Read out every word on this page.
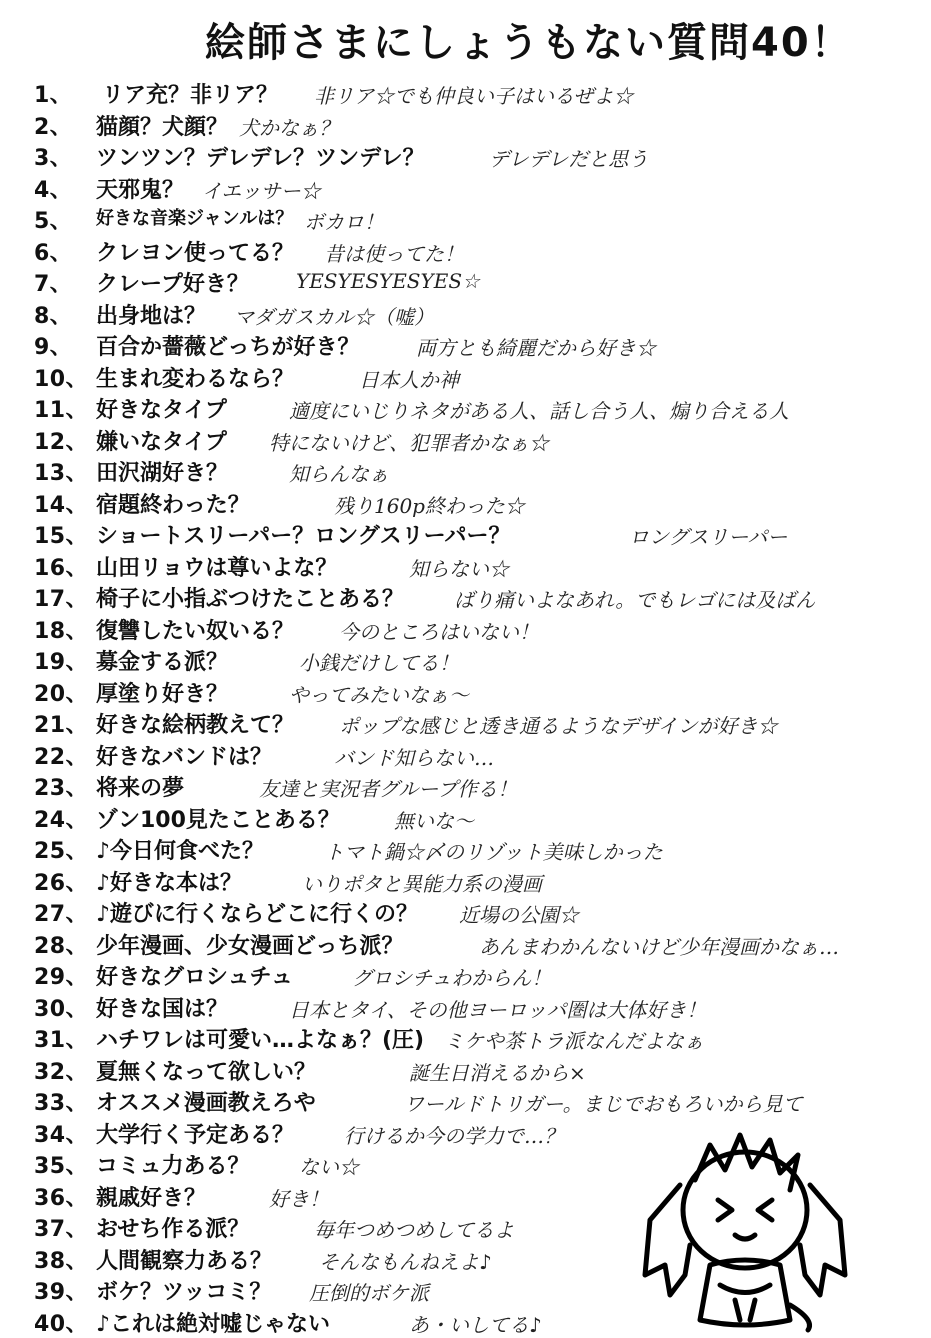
絵師さまにしょうもない質問40！
1、 リア充？非リア？ 非リア☆でも仲良い子はいるぜよ☆
2、 猫顔？犬顔？ 犬かなぁ？
3、 ツンツン？デレデレ？ツンデレ？	デレデレだと思う
4、 天邪鬼？ イエッサー☆
5、 好きな音楽ジャンルは？ ボカロ！
6、 クレヨン使ってる？ 昔は使ってた！
7、 クレープ好き？ YESYESYESYES☆
8、 出身地は？ マダガスカル☆（嘘）
9、 百合か薔薇どっちが好き？	両方とも綺麗だから好き☆
10、 生まれ変わるなら？	日本人か神
11、 好きなタイプ	適度にいじりネタがある人、話し合う人、煽り合える人
12、 嫌いなタイプ 特にないけど、犯罪者かなぁ☆
13、 田沢湖好き？	知らんなぁ
14、 宿題終わった？	残り160p終わった☆
15、 ショートスリーパー？ロングスリーパー？	ロングスリーパー
16、 山田リョウは尊いよな？	知らない☆
17、 椅子に小指ぶつけたことある？ ばり痛いよなあれ。でもレゴには及ばん
18、 復讐したい奴いる？ 今のところはいない！
19、 募金する派？	小銭だけしてる！
20、 厚塗り好き？	やってみたいなぁ〜
21、 好きな絵柄教えて？ ポップな感じと透き通るようなデザインが好き☆
22、 好きなバンドは？	バンド知らない…
23、 将来の夢	友達と実況者グループ作る！
24、 ゾン100見たことある？	無いな〜
25、 ♪今日何食べた？	トマト鍋☆〆のリゾット美味しかった
26、 ♪好きな本は？	いりポタと異能力系の漫画
27、 ♪遊びに行くならどこに行くの？ 近場の公園☆
28、 少年漫画、少女漫画どっち派？	あんまわかんないけど少年漫画かなぁ…
29、 好きなグロシュチュ	グロシチュわからん！
30、 好きな国は？	日本とタイ、その他ヨーロッパ圏は大体好き！
31、 ハチワレは可愛い…よなぁ？(圧) ミケや茶トラ派なんだよなぁ
32、 夏無くなって欲しい？	誕生日消えるから×
33、 オススメ漫画教えろや	ワールドトリガー。まじでおもろいから見て
34、 大学行く予定ある？ 行けるか今の学力で…？
35、 コミュ力ある？ ない☆
36、 親戚好き？	好き！
37、 おせち作る派？	毎年つめつめしてるよ
38、 人間観察力ある？ そんなもんねえよ♪
39、 ボケ？ツッコミ？ 圧倒的ボケ派
40、 ♪これは絶対嘘じゃない	あ・いしてる♪
